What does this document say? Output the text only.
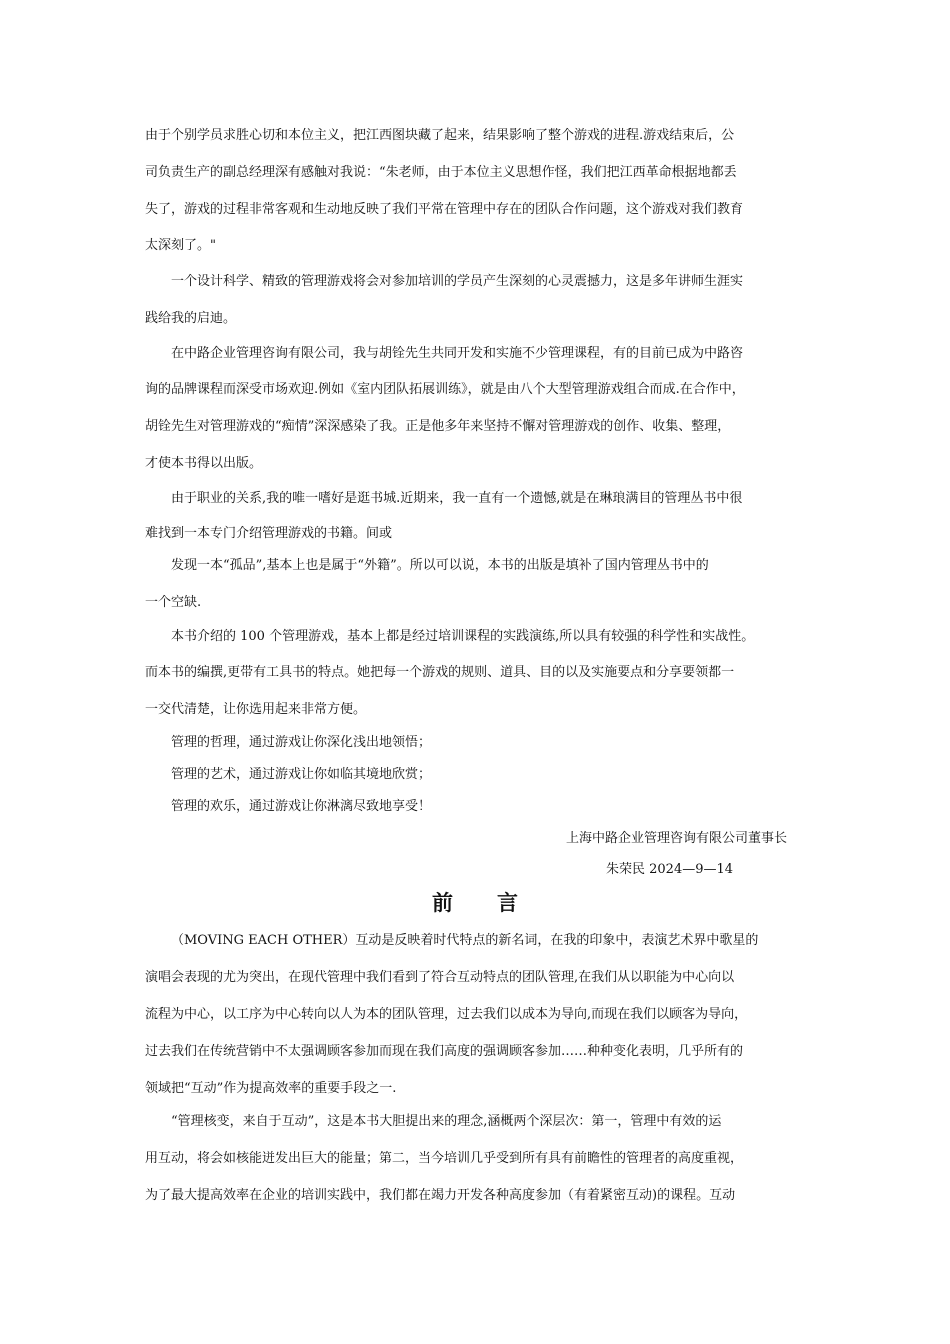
由于个别学员求胜心切和本位主义，把江西图块藏了起来，结果影响了整个游戏的进程.游戏结束后，公
司负责生产的副总经理深有感触对我说：“朱老师，由于本位主义思想作怪，我们把江西革命根据地都丢
失了，游戏的过程非常客观和生动地反映了我们平常在管理中存在的团队合作问题，这个游戏对我们教育
太深刻了。"
一个设计科学、精致的管理游戏将会对参加培训的学员产生深刻的心灵震撼力，这是多年讲师生涯实
践给我的启迪。
在中路企业管理咨询有限公司，我与胡铨先生共同开发和实施不少管理课程，有的目前已成为中路咨
询的品牌课程而深受市场欢迎.例如《室内团队拓展训练》，就是由八个大型管理游戏组合而成.在合作中，
胡铨先生对管理游戏的“痴情”深深感染了我。正是他多年来坚持不懈对管理游戏的创作、收集、整理，
才使本书得以出版。
由于职业的关系,我的唯一嗜好是逛书城.近期来，我一直有一个遗憾,就是在琳琅满目的管理丛书中很
难找到一本专门介绍管理游戏的书籍。间或
发现一本“孤品”,基本上也是属于“外籍”。所以可以说，本书的出版是填补了国内管理丛书中的
一个空缺.
本书介绍的 100 个管理游戏，基本上都是经过培训课程的实践演练,所以具有较强的科学性和实战性。
而本书的编撰,更带有工具书的特点。她把每一个游戏的规则、道具、目的以及实施要点和分享要领都一
一交代清楚，让你选用起来非常方便。
管理的哲理，通过游戏让你深化浅出地领悟；
管理的艺术，通过游戏让你如临其境地欣赏；
管理的欢乐，通过游戏让你淋漓尽致地享受！
上海中路企业管理咨询有限公司董事长
朱荣民 2024—9—14
前言
（MOVING EACH OTHER）互动是反映着时代特点的新名词，在我的印象中，表演艺术界中歌星的
演唱会表现的尤为突出，在现代管理中我们看到了符合互动特点的团队管理,在我们从以职能为中心向以
流程为中心，以工序为中心转向以人为本的团队管理，过去我们以成本为导向,而现在我们以顾客为导向，
过去我们在传统营销中不太强调顾客参加而现在我们高度的强调顾客参加……种种变化表明，几乎所有的
领域把“互动”作为提高效率的重要手段之一.
“管理核变，来自于互动”，这是本书大胆提出来的理念,涵概两个深层次：第一，管理中有效的运
用互动，将会如核能迸发出巨大的能量；第二，当今培训几乎受到所有具有前瞻性的管理者的高度重视，
为了最大提高效率在企业的培训实践中，我们都在竭力开发各种高度参加（有着紧密互动)的课程。互动
